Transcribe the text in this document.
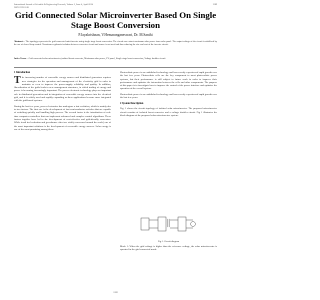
International Journal of Scientific & Engineering Research, Volume 5, Issue 4, April-2014	1289
ISSN 2229-5518
Grid Connected Solar Microinverter Based On Single Stage Boost Conversion
P.Jayakrishnan, V.Hemaranganeswari, Dr. M.Santhi
Abstract— The topology represents the grid connected mini-inverter using single stage boost conversion. The circuit can extract maximum solar power from solar panel. The output voltage of the circuit is stabilized by the use of closed loop control. Transformer galvanic isolation between converter circuit and source is not used and thus reducing the size and cost of the inverter circuit.
Index Terms – Grid connected solar microinverter,isolated boost converter, Maximum solar power, PV panel, Single stage boost conversion, Voltage doubler circuit
1 Introduction

The increasing number of renewable energy sources and distributed generators requires new strategies for the operation and management of the electricity grid in order to maintain or even to improve the power-supply reliability and quality. In addition, liberalization of the grids leads to new management structures, in which trading of energy and power is becoming increasingly important. The power-electronic technology plays an important role in distributed generation and in integration of renewable energy sources into the electrical grid, and it is widely used and rapidly expanding as these applications become more integrated with the grid-based systems.

During the last few years, power electronics has undergone a fast evolution, which is mainly due to two factors. The first one is the development of fast semiconductor switches that are capable of switching quickly and handling high powers. The second factor is the introduction of real-time computer controllers that can implement advanced and complex control algorithms. These factors together have led to the development of cost-effective and grid-friendly converters. While fossil fuel reduction and greenhouse effect are widely concerned around the world, one of the most important solutions is the development of renewable energy sources. Solar energy is one of the most promising among them.

Photovoltaic power is an established technology and has recently experienced rapid growth over the last few years. Photovoltaic cells are the key component to most photovoltaic power systems, but their performance is still subject to future work in order to improve their performance and optimize the interaction between the cells and other components. The purpose of this paper is to investigate how to improve the control of the power interface and optimize the operation of the overall system.

Photovoltaic power is an established technology and has recently experienced rapid growth over the last few years.

2 System Description

Fig. 1 shows the circuit topology of isolated solar microinverter. The proposed microinverter circuit consists of isolated boost converter and a voltage doubler circuit. Fig 1 illustrates the block diagram of the proposed solar microinverter system.

Fig.1. Circuit diagram
Mode 1: When the grid voltage is higher than the reference voltage, the solar microinverter is operated in the grid connected mode.
1289
